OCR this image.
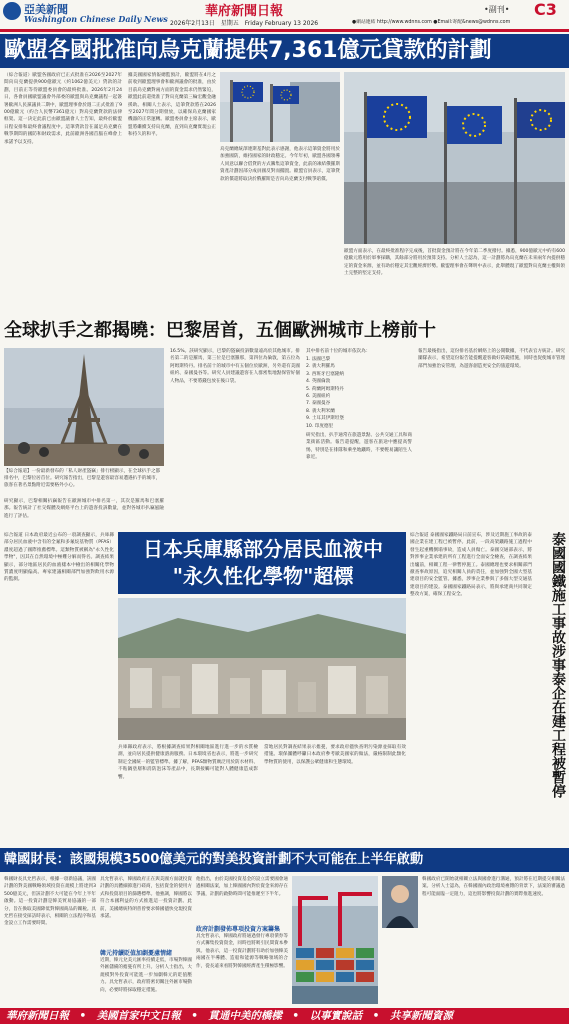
亞美新聞
Washington Chinese Daily News	華府新聞日報	•副刊• C3
2026年2月13日　星期五　Friday February 13 2026	●網站連結 http://www.wdnns.com ●Email:寄配&news@wdnns.com
歐盟各國批准向烏克蘭提供7,361億元貸款的計劃
（綜合報道）歐盟各國政府已正式批准在2026至2027年間向烏克蘭提供900億歐元（約1062億美元）貸款的計劃，目前正等待歐盟委員會的最終批准。2026年2月24日，各會員國歐盟議會外部委的歐盟與烏克蘭議程一起簽署歐洲人民黨議員二期中，歐盟理事會於週二正式批准了900億歐元（約合人民幣7361億元）對烏克蘭貸款的法律框架。這一決定此前已由歐盟議會人士告知，最終於歐盟日程安排和最終會議程度中。這筆貸款旨在滿足烏克蘭在戰爭期間的國防和財政需求，此前歐洲各國首腦在峰會上承諾予以支持。
據美國國家情報總監預計，歐盟將在4月之前收到歐盟理事會和歐洲議會的批准，由於目前烏克蘭對兩方面的資金需求仍然緊迫，歐盟此前還批准了對烏克蘭第三輪宏觀金融援助。相關人士表示，這筆貸款將在2026至2027年間分期發放，以確保烏克蘭國家機器的正常運轉。歐盟委員會主席表示，歐盟將繼續支持烏克蘭，直到烏克蘭實現公正和持久的和平。
烏克蘭總統澤連斯基對此表示感謝，他表示這筆資金將用於加強國防，維持國家的財政穩定。今年年初，歐盟各國領導人同意以聯合借貸的方式籌集這筆資金，此前的凍結俄羅斯資產計劃因部分成員國反對而擱置。歐盟官員表示，這筆貸款的償還將取決於俄羅斯是否向烏克蘭支付戰爭賠償。
歐盟方面表示，在最終批准程序完成後，首批資金預計將在今年第二季度撥付。據悉，900億歐元中約有600億歐元將用於軍事採購，其餘部分將用於預算支持。分析人士認為，這一計劃將為烏克蘭在未來兩年內提供穩定的資金來源，並有助於穩定其宏觀經濟形勢。歐盟理事會在聲明中表示，此舉體現了歐盟對烏克蘭主權與領土完整的堅定支持。
全球扒手之都揭曉：巴黎居首，五個歐洲城市上榜前十
【綜合報道】一份最新發布的「私人財產盜竊」排行榜顯示，在全球扒手之都排名中，巴黎位居首位。研究報告指出，巴黎是遊客最容易遭遇扒手的城市，旅客在著名景點附近需要格外小心。
研究顯示，巴黎相關扒竊報告在歐洲城市中排名第一，其次是羅馬和巴塞羅那。報告統計了社交媒體及網絡平台上的遊客投訴數量，並對各城市扒竊風險進行了評估。
16.5%。該研究顯示，巴黎的盜竊投訴數量遠高於其他城市。排名第二的是羅馬，第三位是巴塞羅那，第四位為倫敦，第五位為阿姆斯特丹。排名前十的城市中有五個位於歐洲，另外還有美國紐約、泰國曼谷等。研究人員建議遊客在人群密集地點保管好個人物品，不要將錢包放在後口袋。
其中排名前十位的城市依次為：
1. 法國巴黎
2. 義大利羅馬
3. 西班牙巴塞隆納
4. 英國倫敦
5. 荷蘭阿姆斯特丹
6. 美國紐約
7. 泰國曼谷
8. 義大利米蘭
9. 土耳其伊斯坦堡
10. 印度德里
研究指出，扒手通常在旅遊景點、公共交通工具和商業街區活動。報告還提醒，遊客在旅途中應提高警惕，特別是在排隊和乘坐地鐵時，不要輕易讓陌生人靠近。
報告最後指出，這份排名基於網絡上的公開數據，不代表官方統計。研究團隊表示，希望這份報告能提醒遊客做好防範措施，同時也促使城市管理部門加強治安管理，為遊客創造更安全的旅遊環境。
日本兵庫縣部分居民血液中
"永久性化學物"超標
綜合報道 日本政府最近公布的一項調查顯示，兵庫縣部分居民血液中含有的全氟和多氟烷基物質（PFAS）濃度超過了國際推薦標準。這類物質被稱為"永久性化學物"，因其在自然環境中極難分解而得名。調查結果顯示，部分地區居民的血液樣本中檢出的相關化學物質濃度明顯偏高。專家建議相關部門加強對飲用水源的監測。
兵庫縣政府表示，將根據調查結果對相關地區進行進一步的水質檢測，並向居民提供健康諮詢服務。日本環境省也表示，將進一步研究制定全國統一的監管標準。據了解，PFAS類物質廣泛用於防水材料、不粘鍋塗層和消防泡沫等產品中，長期接觸可能對人體健康造成影響。
當地居民對調查結果表示擔憂，要求政府儘快查明污染源並採取有效措施。環保團體呼籲日本政府參考歐美國家的做法，嚴格限制此類化學物質的使用，以保護公眾健康和生態環境。
綜合報道 泰國國家鐵路局日前宣布，涉及近期施工事故的泰國企業在建工程已被暫停。此前，一段高架鐵路施工過程中發生起重機倒塌事故，造成人員傷亡。泰國交通部表示，將對涉事企業承建的所有工程進行全面安全檢查，在調查結果出爐前，相關工程一律暫停施工。泰國總理也要求相關部門徹查事故原因，追究相關人員的責任，並加強對全國大型基建項目的安全監管。據悉，涉事企業參與了多個大型交通基建項目的建設。泰國國家鐵路局表示，將與承建商共同制定整改方案，確保工程安全。	泰國國鐵施工事故涉事泰企在建工程被暫停
韓國財長：該國規模3500億美元的對美投資計劃不大可能在上半年啟動
韓國財長具允哲表示，根據一項新協議，該國計劃的對美國戰略領域投資在規模上將達到3500億美元，但該計劃不大可能在今年上半年啟動。這一投資計劃是韓美貿易協議的一部分，旨在換取美國降低對韓國商品的關稅。具允哲在接受採訪時表示，相關的立法程序和基金設立工作需要時間。
具允哲表示，韓國政府正在與美國方面就投資計劃的具體細節進行磋商，包括資金的使用方式和投資項目的篩選標準。他強調，韓國將以符合本國利益的方式推進這一投資計劃。此前，美國總統特朗普曾要求韓國儘快兌現投資承諾。
韓元持續貶值加劇憂慮情緒
近期，韓元兌美元匯率持續走低，市場對韓國外匯儲備的擔憂有所上升。分析人士指出，大規模對外投資可能進一步加劇韓元的貶值壓力。具允哲表示，政府將密切關注外匯市場動向，必要時將採取穩定措施。
他指出，由於美國投資基金的設立需要國會通過相關法案，加上韓國國內對於資金來源存在爭議，計劃的啟動時間可能推遲至下半年。
政府計劃發佈專項投資方案籌集
具允哲表示，韓國政府將通過發行專項債券等方式籌集投資資金，同時也將吸引民間資本參與。他表示，這一投資計劃將有助於加強韓美兩國在半導體、造船和能源等戰略領域的合作，從長遠來看將對韓國經濟產生積極影響。
韓國政府已開始就相關立法與國會進行溝通，預計將在近期提交相關法案。分析人士認為，在韓國國內政治環境複雜的背景下，法案的審議過程可能面臨一定阻力，這也將影響投資計劃的實際推進速度。
華府新聞日報　•　美國首家中文日報　•　貫通中美的橋樑　•　以事實說話　•　共享新聞資源
